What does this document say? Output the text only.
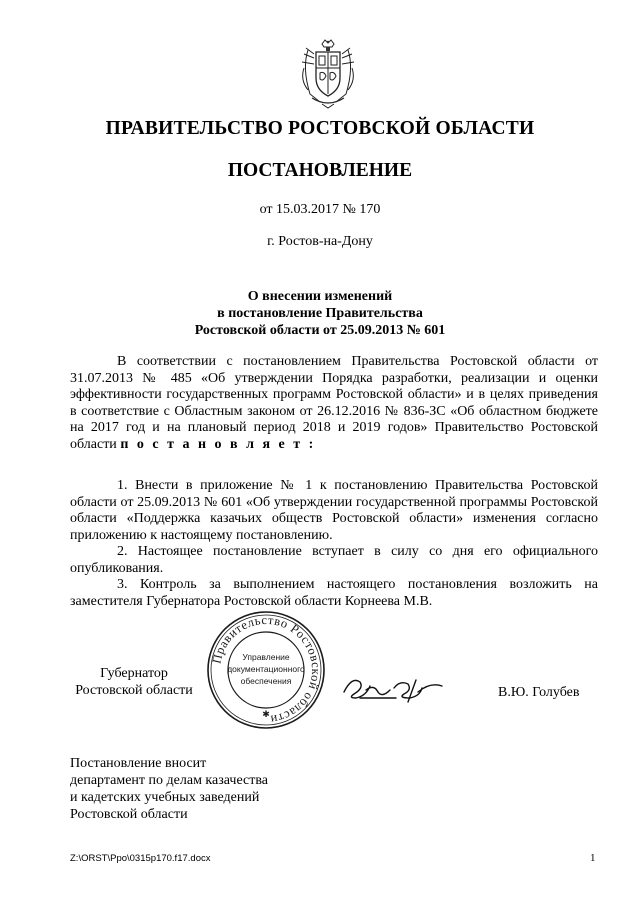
ПРАВИТЕЛЬСТВО РОСТОВСКОЙ ОБЛАСТИ
ПОСТАНОВЛЕНИЕ
от 15.03.2017 № 170
г. Ростов-на-Дону
О внесении изменений
в постановление Правительства
Ростовской области от 25.09.2013 № 601
В соответствии с постановлением Правительства Ростовской области от 31.07.2013 № 485 «Об утверждении Порядка разработки, реализации и оценки эффективности государственных программ Ростовской области» и в целях приведения в соответствие с Областным законом от 26.12.2016 № 836-ЗС «Об областном бюджете на 2017 год и на плановый период 2018 и 2019 годов» Правительство Ростовской области п о с т а н о в л я е т :

1. Внести в приложение № 1 к постановлению Правительства Ростовской области от 25.09.2013 № 601 «Об утверждении государственной программы Ростовской области «Поддержка казачьих обществ Ростовской области» изменения согласно приложению к настоящему постановлению.

2. Настоящее постановление вступает в силу со дня его официального опубликования.

3. Контроль за выполнением настоящего постановления возложить на заместителя Губернатора Ростовской области Корнеева М.В.

Губернатор
Ростовской области
Правительство Ростовской области
Управление
документационного
обеспечения
✱
В.Ю. Голубев
Постановление вносит
департамент по делам казачества
и кадетских учебных заведений
Ростовской области
Z:\ORST\Ppo\0315p170.f17.docx	1
